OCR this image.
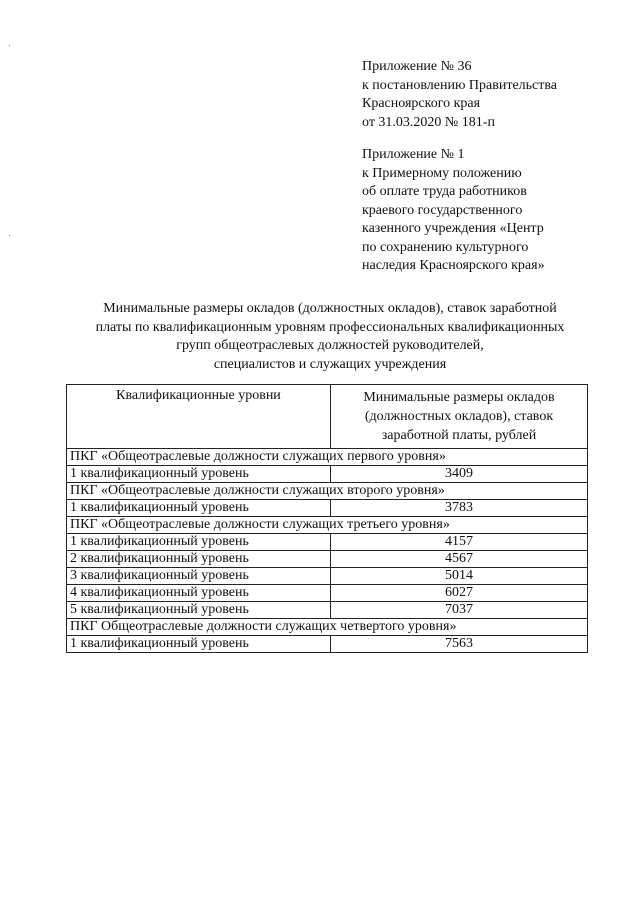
Приложение № 36
к постановлению Правительства
Красноярского края
от 31.03.2020 № 181-п
Приложение № 1
к Примерному положению
об оплате труда работников
краевого государственного
казенного учреждения «Центр
по сохранению культурного
наследия Красноярского края»
Минимальные размеры окладов (должностных окладов), ставок заработной
платы по квалификационным уровням профессиональных квалификационных
групп общеотраслевых должностей руководителей,
специалистов и служащих учреждения
Квалификационные уровни	Минимальные размеры окладов (должностных окладов), ставок заработной платы, рублей
ПКГ «Общеотраслевые должности служащих первого уровня»	
1 квалификационный уровень	3409
ПКГ «Общеотраслевые должности служащих второго уровня»	
1 квалификационный уровень	3783
ПКГ «Общеотраслевые должности служащих третьего уровня»	
1 квалификационный уровень	4157
2 квалификационный уровень	4567
3 квалификационный уровень	5014
4 квалификационный уровень	6027
5 квалификационный уровень	7037
ПКГ Общеотраслевые должности служащих четвертого уровня»	
1 квалификационный уровень	7563
